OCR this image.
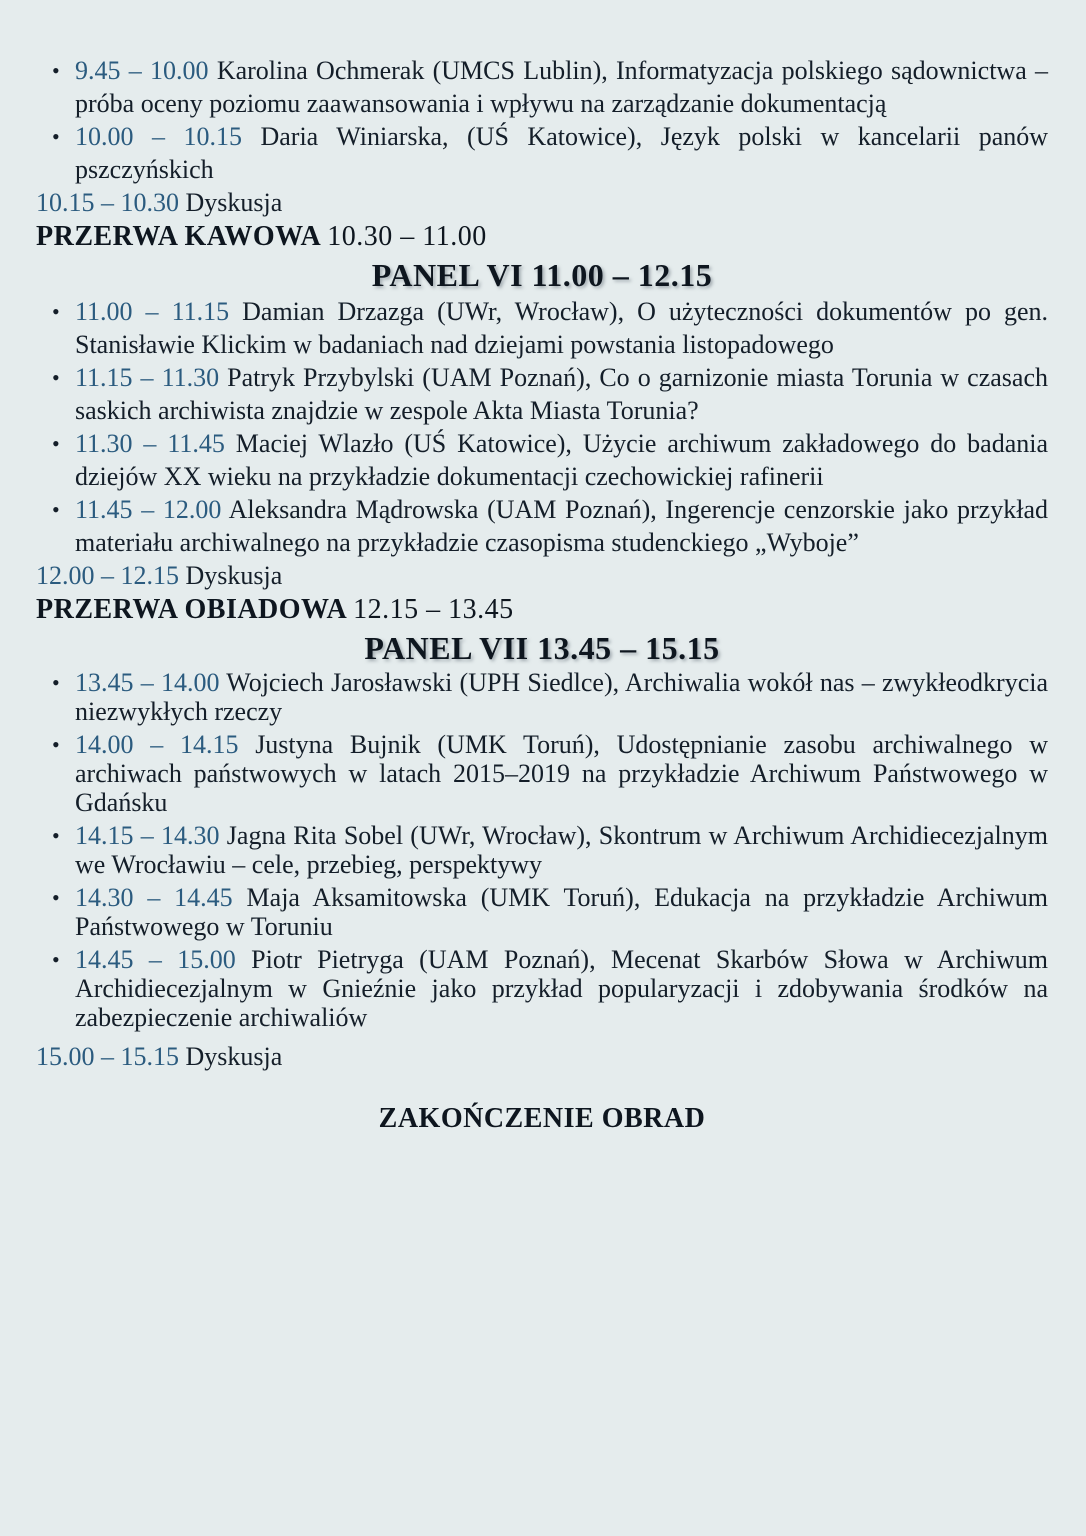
• 9.45 – 10.00 Karolina Ochmerak (UMCS Lublin), Informatyzacja polskiego sądownictwa – próba oceny poziomu zaawansowania i wpływu na zarządzanie dokumentacją
• 10.00 – 10.15 Daria Winiarska, (UŚ Katowice), Język polski w kancelarii panów pszczyńskich

10.15 – 10.30 Dyskusja

PRZERWA KAWOWA 10.30 – 11.00
PANEL VI 11.00 – 12.15
• 11.00 – 11.15 Damian Drzazga (UWr, Wrocław), O użyteczności dokumentów po gen. Stanisławie Klickim w badaniach nad dziejami powstania listopadowego
• 11.15 – 11.30 Patryk Przybylski (UAM Poznań), Co o garnizonie miasta Torunia w czasach saskich archiwista znajdzie w zespole Akta Miasta Torunia?
• 11.30 – 11.45 Maciej Wlazło (UŚ Katowice), Użycie archiwum zakładowego do badania dziejów XX wieku na przykładzie dokumentacji czechowickiej rafinerii
• 11.45 – 12.00 Aleksandra Mądrowska (UAM Poznań), Ingerencje cenzorskie jako przykład materiału archiwalnego na przykładzie czasopisma studenckiego „Wyboje”

12.00 – 12.15 Dyskusja

PRZERWA OBIADOWA 12.15 – 13.45
PANEL VII 13.45 – 15.15
• 13.45 – 14.00 Wojciech Jarosławski (UPH Siedlce), Archiwalia wokół nas – zwykłeodkrycia niezwykłych rzeczy
• 14.00 – 14.15 Justyna Bujnik (UMK Toruń), Udostępnianie zasobu archiwalnego w archiwach państwowych w latach 2015–2019 na przykładzie Archiwum Państwowego w Gdańsku
• 14.15 – 14.30 Jagna Rita Sobel (UWr, Wrocław), Skontrum w Archiwum Archidiecezjalnym we Wrocławiu – cele, przebieg, perspektywy
• 14.30 – 14.45 Maja Aksamitowska (UMK Toruń), Edukacja na przykładzie Archiwum Państwowego w Toruniu
• 14.45 – 15.00 Piotr Pietryga (UAM Poznań), Mecenat Skarbów Słowa w Archiwum Archidiecezjalnym w Gnieźnie jako przykład popularyzacji i zdobywania środków na zabezpieczenie archiwaliów

15.00 – 15.15 Dyskusja

ZAKOŃCZENIE OBRAD
